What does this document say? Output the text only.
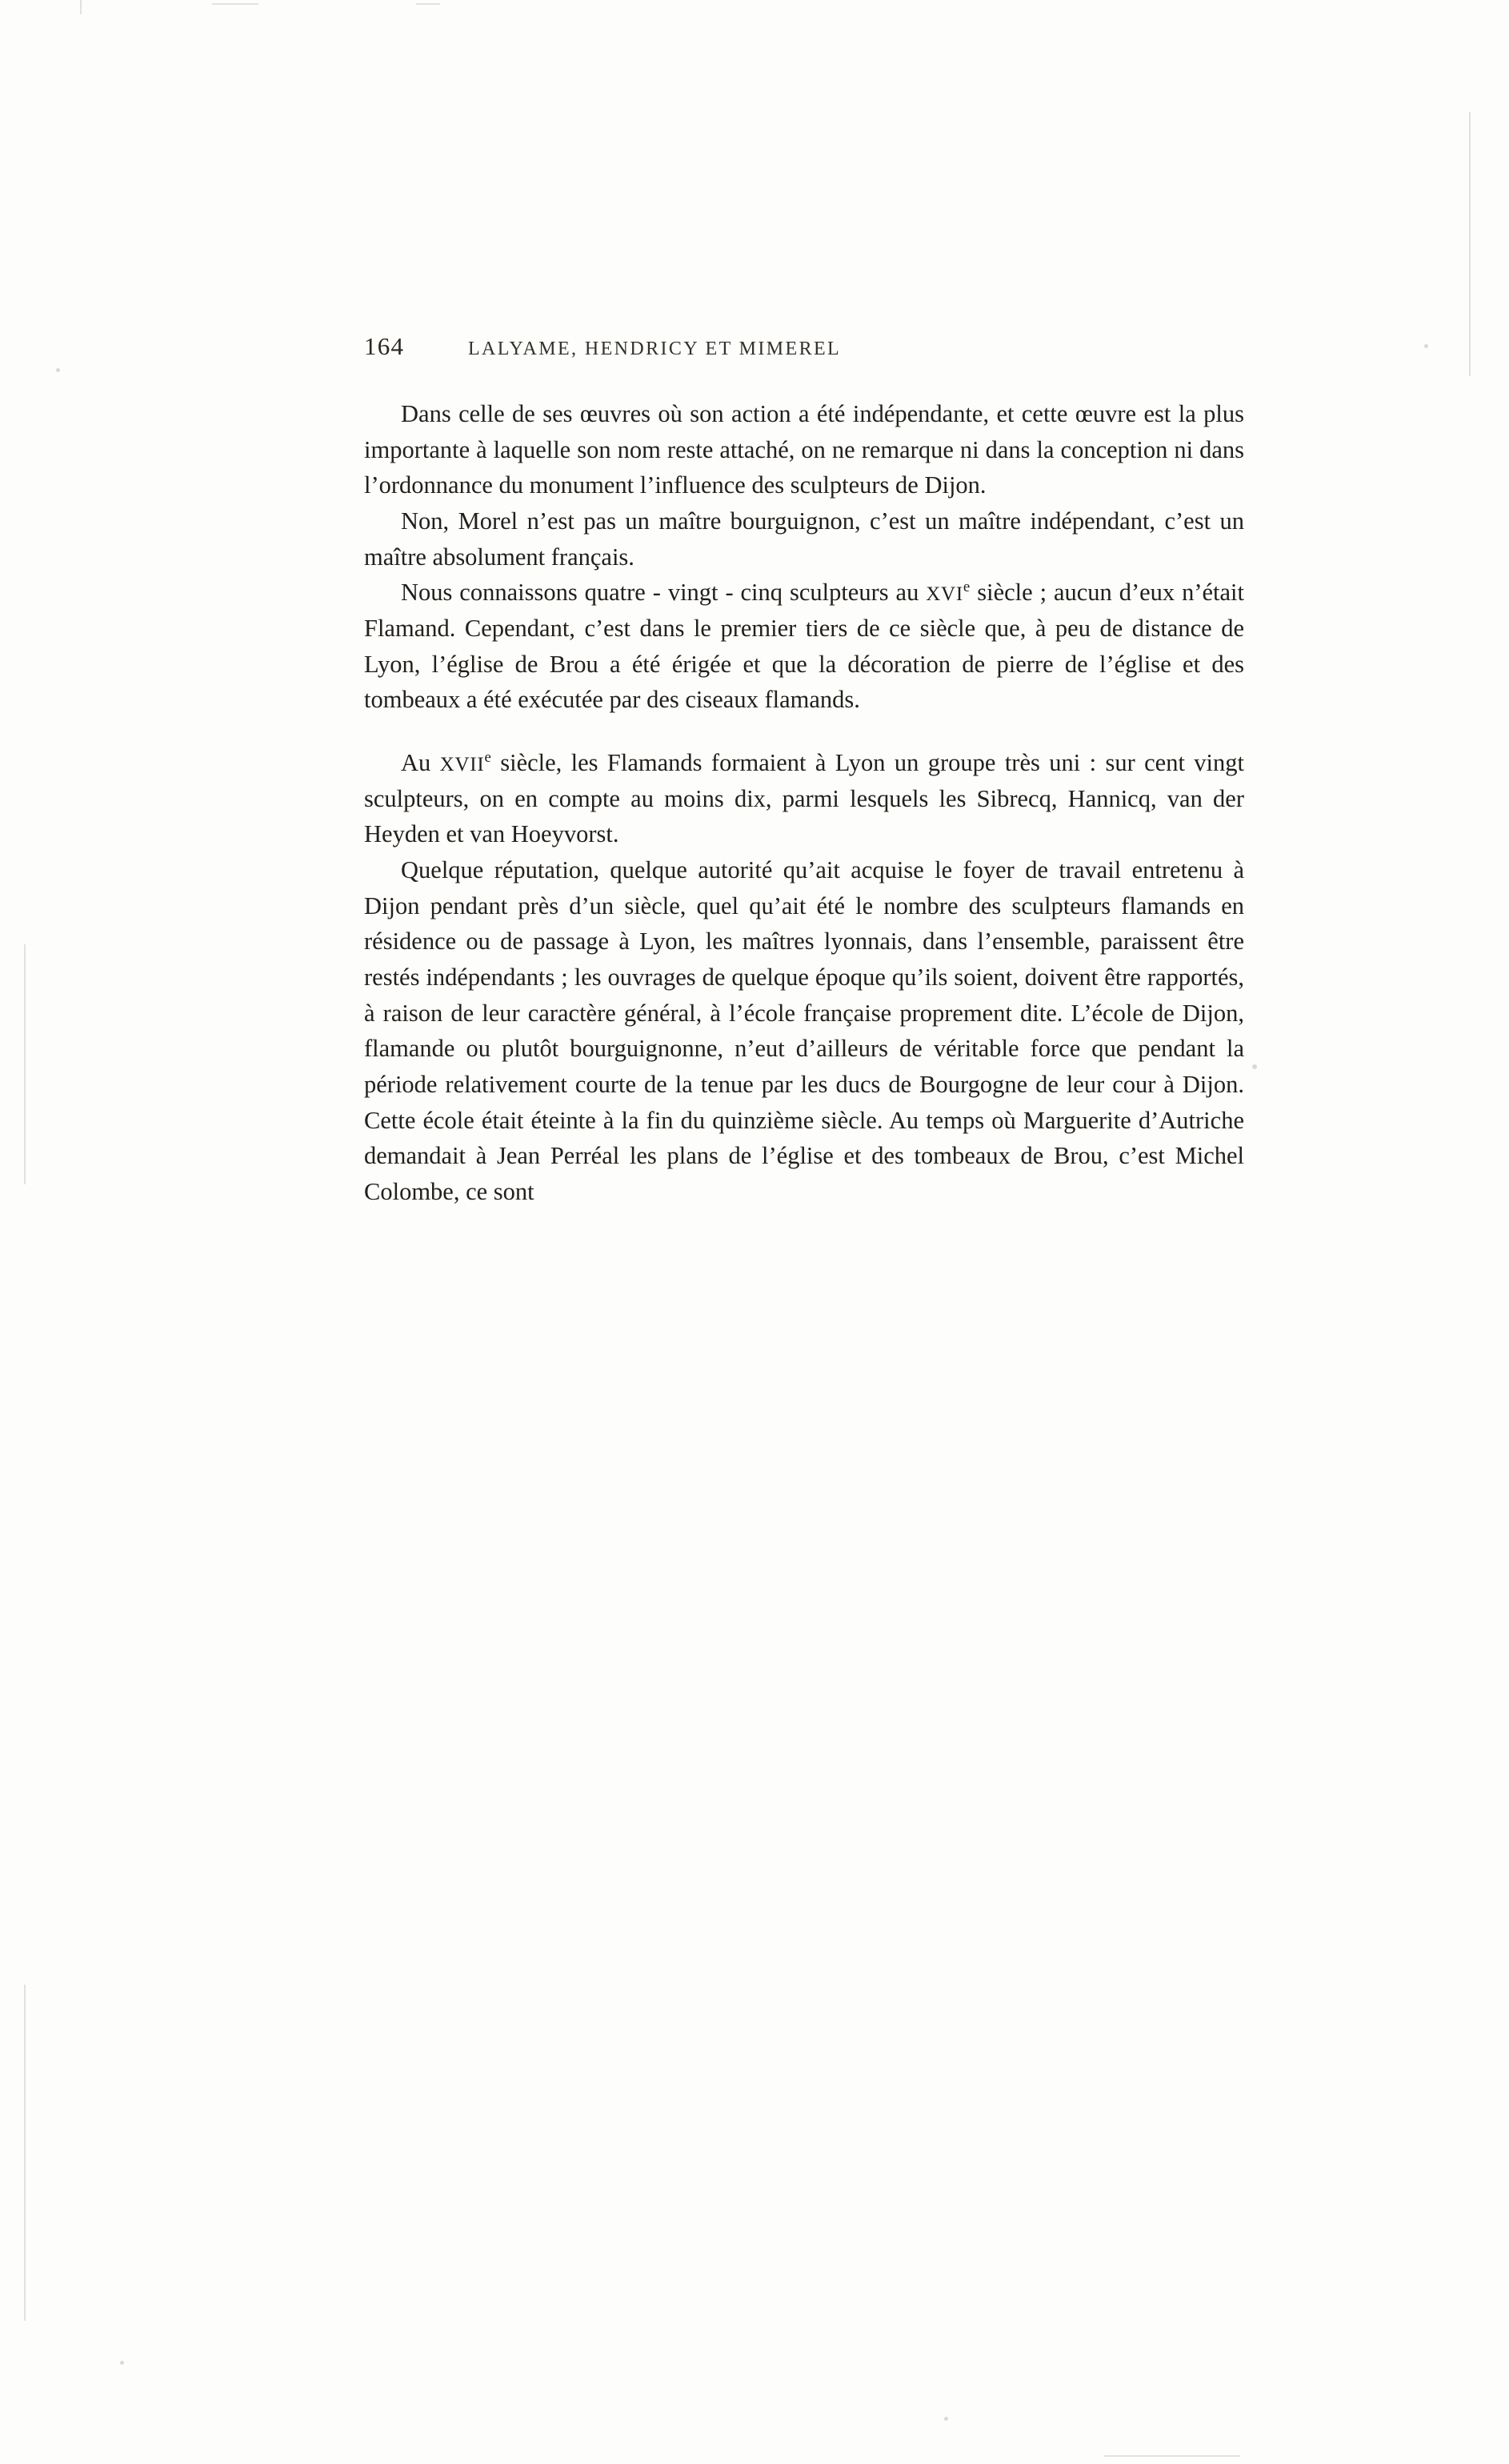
164	LALYAME, HENDRICY ET MIMEREL

Dans celle de ses œuvres où son action a été indépendante, et cette œuvre est la plus importante à laquelle son nom reste attaché, on ne remarque ni dans la conception ni dans l’ordonnance du monument l’influence des sculpteurs de Dijon.

Non, Morel n’est pas un maître bourguignon, c’est un maître indépendant, c’est un maître absolument français.

Nous connaissons quatre - vingt - cinq sculpteurs au XVIe siècle ; aucun d’eux n’était Flamand. Cependant, c’est dans le premier tiers de ce siècle que, à peu de distance de Lyon, l’église de Brou a été érigée et que la décoration de pierre de l’église et des tombeaux a été exécutée par des ciseaux flamands.

Au XVIIe siècle, les Flamands formaient à Lyon un groupe très uni : sur cent vingt sculpteurs, on en compte au moins dix, parmi lesquels les Sibrecq, Hannicq, van der Heyden et van Hoeyvorst.

Quelque réputation, quelque autorité qu’ait acquise le foyer de travail entretenu à Dijon pendant près d’un siècle, quel qu’ait été le nombre des sculpteurs flamands en résidence ou de passage à Lyon, les maîtres lyonnais, dans l’ensemble, paraissent être restés indépendants ; les ouvrages de quelque époque qu’ils soient, doivent être rapportés, à raison de leur caractère général, à l’école française proprement dite. L’école de Dijon, flamande ou plutôt bourguignonne, n’eut d’ailleurs de véritable force que pendant la période relativement courte de la tenue par les ducs de Bourgogne de leur cour à Dijon. Cette école était éteinte à la fin du quinzième siècle. Au temps où Marguerite d’Autriche demandait à Jean Perréal les plans de l’église et des tombeaux de Brou, c’est Michel Colombe, ce sont
